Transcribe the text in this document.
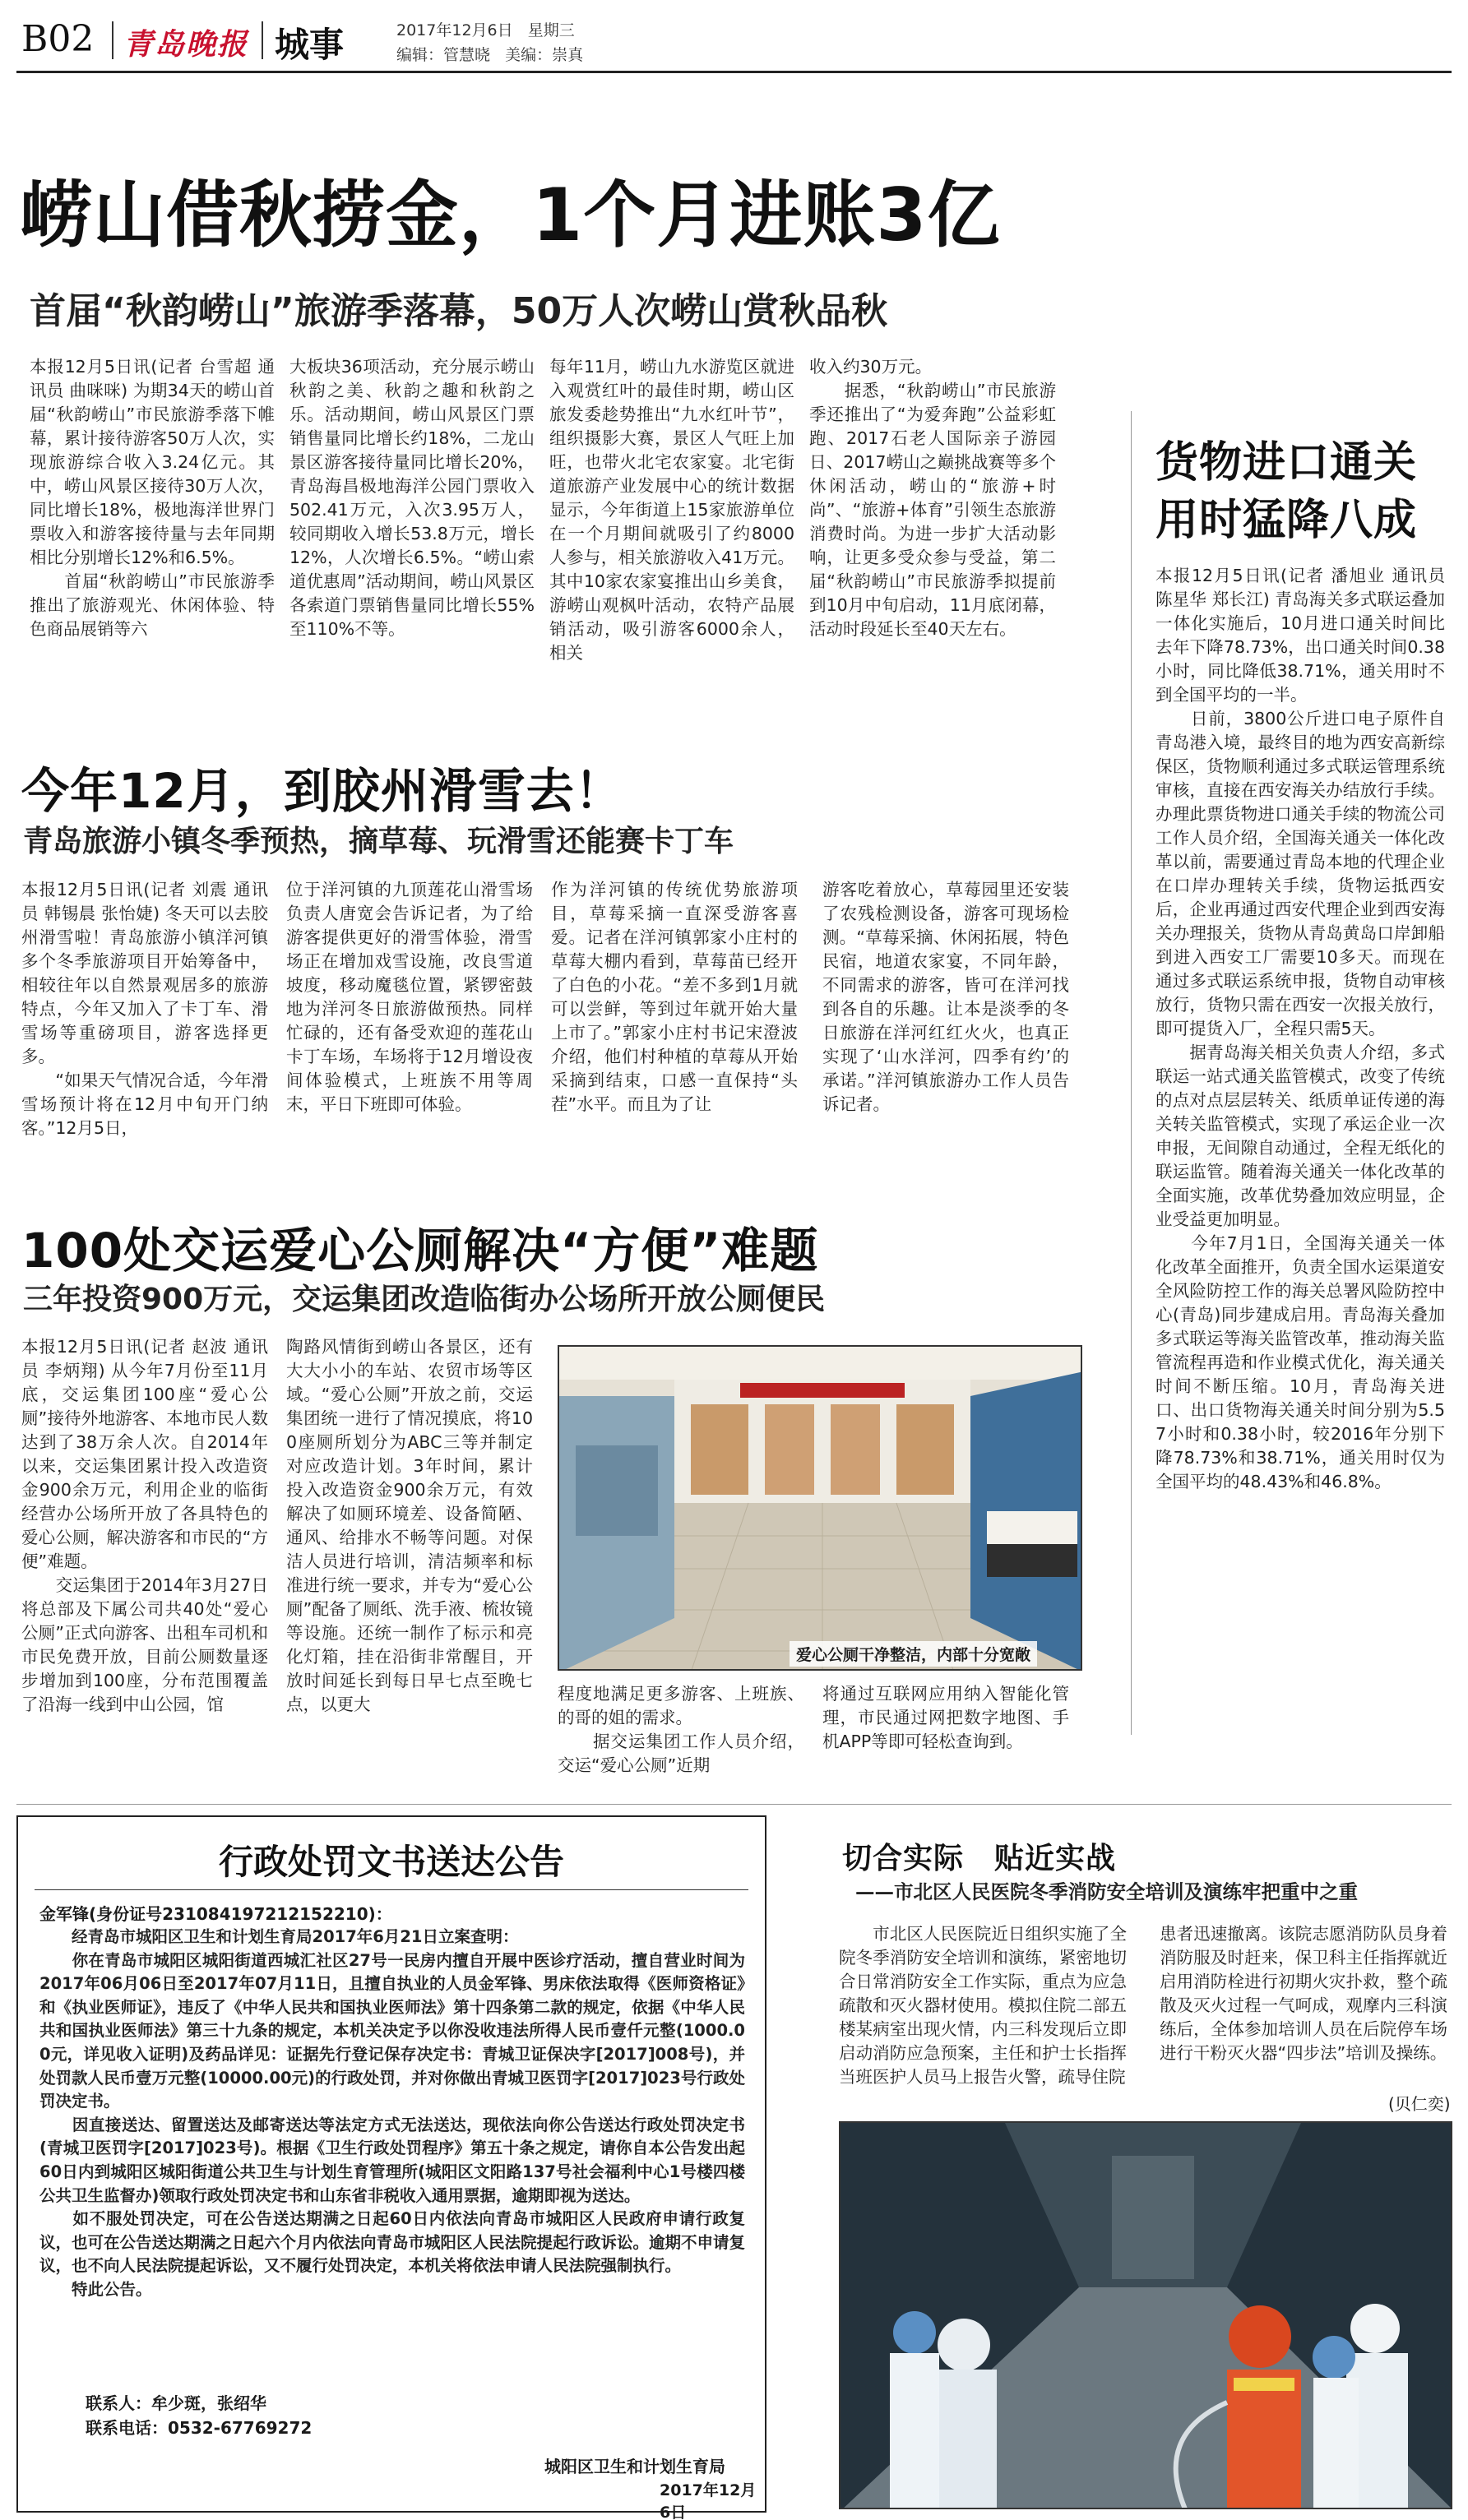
B02 青岛晚报 城事	2017年12月6日 星期三
编辑：管慧晓 美编：崇真
崂山借秋捞金，1个月进账3亿
首届“秋韵崂山”旅游季落幕，50万人次崂山赏秋品秋
本报12月5日讯(记者 台雪超 通讯员 曲咪咪) 为期34天的崂山首届“秋韵崂山”市民旅游季落下帷幕，累计接待游客50万人次，实现旅游综合收入3.24亿元。其中，崂山风景区接待30万人次，同比增长18%，极地海洋世界门票收入和游客接待量与去年同期相比分别增长12%和6.5%。
　　首届“秋韵崂山”市民旅游季推出了旅游观光、休闲体验、特色商品展销等六
大板块36项活动，充分展示崂山秋韵之美、秋韵之趣和秋韵之乐。活动期间，崂山风景区门票销售量同比增长约18%，二龙山景区游客接待量同比增长20%，青岛海昌极地海洋公园门票收入502.41万元，入次3.95万人，较同期收入增长53.8万元，增长12%，人次增长6.5%。“崂山索道优惠周”活动期间，崂山风景区各索道门票销售量同比增长55%至110%不等。
每年11月，崂山九水游览区就进入观赏红叶的最佳时期，崂山区旅发委趁势推出“九水红叶节”，组织摄影大赛，景区人气旺上加旺，也带火北宅农家宴。北宅街道旅游产业发展中心的统计数据显示，今年街道上15家旅游单位在一个月期间就吸引了约8000人参与，相关旅游收入41万元。其中10家农家宴推出山乡美食，游崂山观枫叶活动，农特产品展销活动，吸引游客6000余人，相关
收入约30万元。
　　据悉，“秋韵崂山”市民旅游季还推出了“为爱奔跑”公益彩虹跑、2017石老人国际亲子游园日、2017崂山之巅挑战赛等多个休闲活动，崂山的“旅游+时尚”、“旅游+体育”引领生态旅游消费时尚。为进一步扩大活动影响，让更多受众参与受益，第二届“秋韵崂山”市民旅游季拟提前到10月中旬启动，11月底闭幕，活动时段延长至40天左右。
货物进口通关
用时猛降八成
本报12月5日讯(记者 潘旭业 通讯员 陈星华 郑长江) 青岛海关多式联运叠加一体化实施后，10月进口通关时间比去年下降78.73%，出口通关时间0.38小时，同比降低38.71%，通关用时不到全国平均的一半。
　　日前，3800公斤进口电子原件自青岛港入境，最终目的地为西安高新综保区，货物顺利通过多式联运管理系统审核，直接在西安海关办结放行手续。办理此票货物进口通关手续的物流公司工作人员介绍，全国海关通关一体化改革以前，需要通过青岛本地的代理企业在口岸办理转关手续，货物运抵西安后，企业再通过西安代理企业到西安海关办理报关，货物从青岛黄岛口岸卸船到进入西安工厂需要10多天。而现在通过多式联运系统申报，货物自动审核放行，货物只需在西安一次报关放行，即可提货入厂，全程只需5天。
　　据青岛海关相关负责人介绍，多式联运一站式通关监管模式，改变了传统的点对点层层转关、纸质单证传递的海关转关监管模式，实现了承运企业一次申报，无间隙自动通过，全程无纸化的联运监管。随着海关通关一体化改革的全面实施，改革优势叠加效应明显，企业受益更加明显。
　　今年7月1日，全国海关通关一体化改革全面推开，负责全国水运渠道安全风险防控工作的海关总署风险防控中心(青岛)同步建成启用。青岛海关叠加多式联运等海关监管改革，推动海关监管流程再造和作业模式优化，海关通关时间不断压缩。10月，青岛海关进口、出口货物海关通关时间分别为5.57小时和0.38小时，较2016年分别下降78.73%和38.71%，通关用时仅为全国平均的48.43%和46.8%。
今年12月，到胶州滑雪去！
青岛旅游小镇冬季预热，摘草莓、玩滑雪还能赛卡丁车
本报12月5日讯(记者 刘震 通讯员 韩锡晨 张怡婕) 冬天可以去胶州滑雪啦！青岛旅游小镇洋河镇多个冬季旅游项目开始筹备中，相较往年以自然景观居多的旅游特点，今年又加入了卡丁车、滑雪场等重磅项目，游客选择更多。
　　“如果天气情况合适，今年滑雪场预计将在12月中旬开门纳客。”12月5日，
位于洋河镇的九顶莲花山滑雪场负责人唐宽会告诉记者，为了给游客提供更好的滑雪体验，滑雪场正在增加戏雪设施，改良雪道坡度，移动魔毯位置，紧锣密鼓地为洋河冬日旅游做预热。同样忙碌的，还有备受欢迎的莲花山卡丁车场，车场将于12月增设夜间体验模式，上班族不用等周末，平日下班即可体验。
作为洋河镇的传统优势旅游项目，草莓采摘一直深受游客喜爱。记者在洋河镇郭家小庄村的草莓大棚内看到，草莓苗已经开了白色的小花。“差不多到1月就可以尝鲜，等到过年就开始大量上市了。”郭家小庄村书记宋澄波介绍，他们村种植的草莓从开始采摘到结束，口感一直保持“头茬”水平。而且为了让
游客吃着放心，草莓园里还安装了农残检测设备，游客可现场检测。“草莓采摘、休闲拓展，特色民宿，地道农家宴，不同年龄，不同需求的游客，皆可在洋河找到各自的乐趣。让本是淡季的冬日旅游在洋河红红火火，也真正实现了‘山水洋河，四季有约’的承诺。”洋河镇旅游办工作人员告诉记者。
100处交运爱心公厕解决“方便”难题
三年投资900万元，交运集团改造临街办公场所开放公厕便民
本报12月5日讯(记者 赵波 通讯员 李炳翔) 从今年7月份至11月底，交运集团100座“爱心公厕”接待外地游客、本地市民人数达到了38万余人次。自2014年以来，交运集团累计投入改造资金900余万元，利用企业的临街经营办公场所开放了各具特色的爱心公厕，解决游客和市民的“方便”难题。
　　交运集团于2014年3月27日将总部及下属公司共40处“爱心公厕”正式向游客、出租车司机和市民免费开放，目前公厕数量逐步增加到100座，分布范围覆盖了沿海一线到中山公园，馆
陶路风情街到崂山各景区，还有大大小小的车站、农贸市场等区域。“爱心公厕”开放之前，交运集团统一进行了情况摸底，将100座厕所划分为ABC三等并制定对应改造计划。3年时间，累计投入改造资金900余万元，有效解决了如厕环境差、设备简陋、通风、给排水不畅等问题。对保洁人员进行培训，清洁频率和标准进行统一要求，并专为“爱心公厕”配备了厕纸、洗手液、梳妆镜等设施。还统一制作了标示和亮化灯箱，挂在沿街非常醒目，开放时间延长到每日早七点至晚七点，以更大
爱心公厕干净整洁，内部十分宽敞
程度地满足更多游客、上班族、的哥的姐的需求。
　　据交运集团工作人员介绍，交运“爱心公厕”近期
将通过互联网应用纳入智能化管理，市民通过网把数字地图、手机APP等即可轻松查询到。
行政处罚文书送达公告
金军锋(身份证号2310841972121522​10)：
　　经青岛市城阳区卫生和计划生育局2017年6月21日立案查明：
　　你在青岛市城阳区城阳街道西城汇社区27号一民房内擅自开展中医诊疗活动，擅自营业时间为2017年06月06日至2017年07月11日，且擅自执业的人员金军锋、男床依法取得《医师资格证》和《执业医师证》，违反了《中华人民共和国执业医师法》第十四条第二款的规定，依据《中华人民共和国执业医师法》第三十九条的规定，本机关决定予以你没收违法所得人民币壹仟元整(1000.00元，详见收入证明)及药品详见：证据先行登记保存决定书：青城卫证保决字[2017]008号)，并处罚款人民币壹万元整(10000.00元)的行政处罚，并对你做出青城卫医罚字[2017]023号行政处罚决定书。
　　因直接送达、留置送达及邮寄送达等法定方式无法送达，现依法向你公告送达行政处罚决定书(青城卫医罚字[2017]023号)。根据《卫生行政处罚程序》第五十条之规定，请你自本公告发出起60日内到城阳区城阳街道公共卫生与计划生育管理所(城阳区文阳路137号社会福利中心1号楼四楼公共卫生监督办)领取行政处罚决定书和山东省非税收入通用票据，逾期即视为送达。
　　如不服处罚决定，可在公告送达期满之日起60日内依法向青岛市城阳区人民政府申请行政复议，也可在公告送达期满之日起六个月内依法向青岛市城阳区人民法院提起行政诉讼。逾期不申请复议，也不向人民法院提起诉讼，又不履行处罚决定，本机关将依法申请人民法院强制执行。
　　特此公告。
联系人：牟少斑，张绍华
联系电话：0532-67769272
城阳区卫生和计划生育局
2017年12月6日
切合实际　贴近实战
——市北区人民医院冬季消防安全培训及演练牢把重中之重
　　市北区人民医院近日组织实施了全院冬季消防安全培训和演练，紧密地切合日常消防安全工作实际，重点为应急疏散和灭火器材使用。模拟住院二部五楼某病室出现火情，内三科发现后立即启动消防应急预案，主任和护士长指挥当班医护人员马上报告火警，疏导住院
患者迅速撤离。该院志愿消防队员身着消防服及时赶来，保卫科主任指挥就近启用消防栓进行初期火灾扑救，整个疏散及灭火过程一气呵成，观摩内三科演练后，全体参加培训人员在后院停车场进行干粉灭火器“四步法”培训及操练。
(贝仁奕)
